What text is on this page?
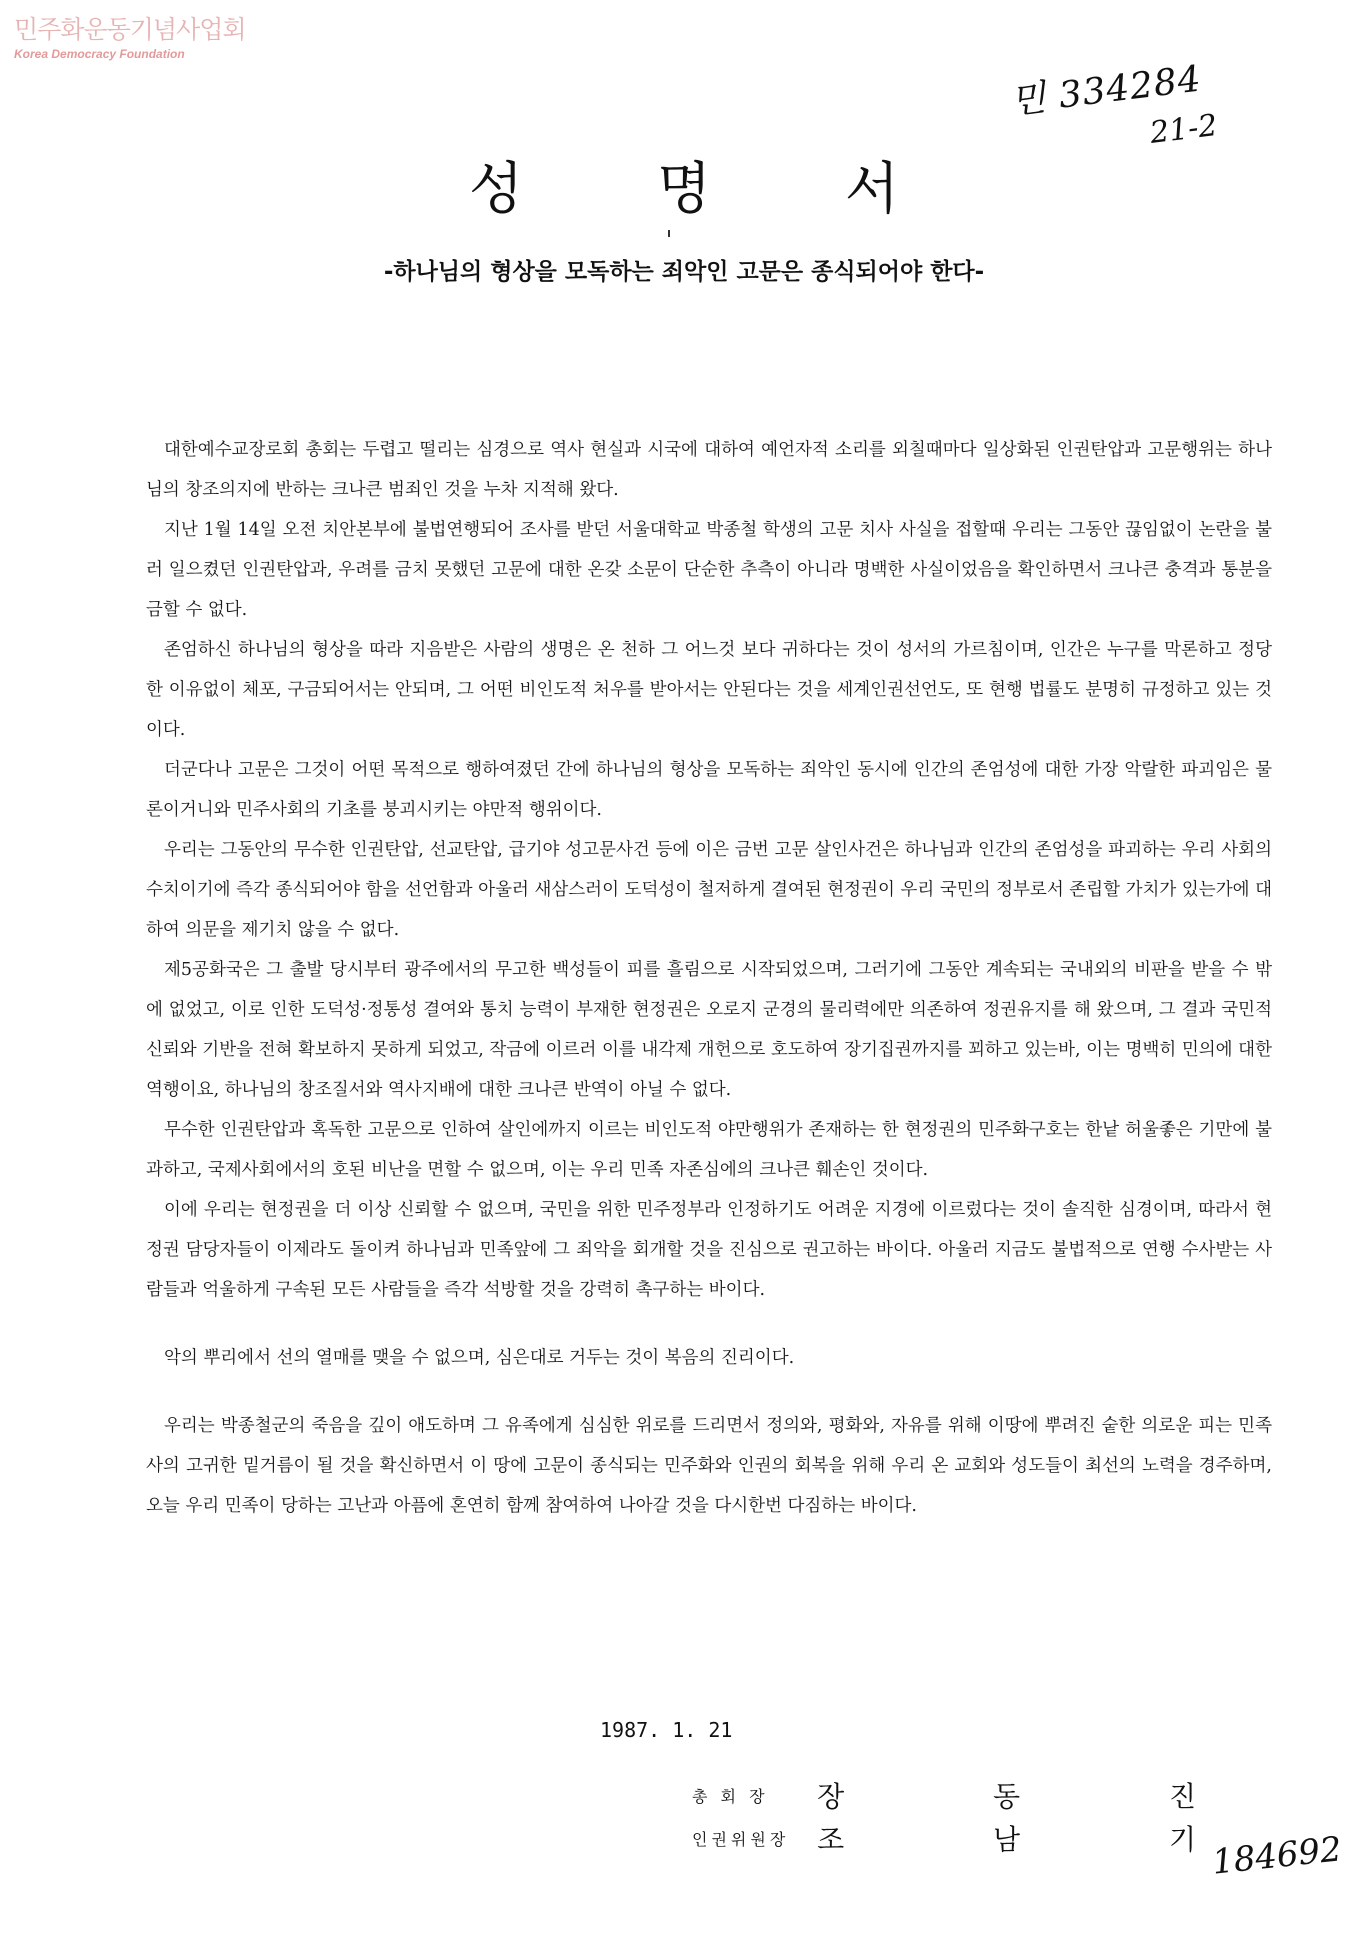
민주화운동기념사업회
Korea Democracy Foundation
민 334284
21-2
성 명 서
-하나님의 형상을 모독하는 죄악인 고문은 종식되어야 한다-

대한예수교장로회 총회는 두렵고 떨리는 심경으로 역사 현실과 시국에 대하여 예언자적 소리를 외칠때마다 일상화된 인권탄압과 고문행위는 하나님의 창조의지에 반하는 크나큰 범죄인 것을 누차 지적해 왔다.

지난 1월 14일 오전 치안본부에 불법연행되어 조사를 받던 서울대학교 박종철 학생의 고문 치사 사실을 접할때 우리는 그동안 끊임없이 논란을 불러 일으켰던 인권탄압과, 우려를 금치 못했던 고문에 대한 온갖 소문이 단순한 추측이 아니라 명백한 사실이었음을 확인하면서 크나큰 충격과 통분을 금할 수 없다.

존엄하신 하나님의 형상을 따라 지음받은 사람의 생명은 온 천하 그 어느것 보다 귀하다는 것이 성서의 가르침이며, 인간은 누구를 막론하고 정당한 이유없이 체포, 구금되어서는 안되며, 그 어떤 비인도적 처우를 받아서는 안된다는 것을 세계인권선언도, 또 현행 법률도 분명히 규정하고 있는 것이다.

더군다나 고문은 그것이 어떤 목적으로 행하여졌던 간에 하나님의 형상을 모독하는 죄악인 동시에 인간의 존엄성에 대한 가장 악랄한 파괴임은 물론이거니와 민주사회의 기초를 붕괴시키는 야만적 행위이다.

우리는 그동안의 무수한 인권탄압, 선교탄압, 급기야 성고문사건 등에 이은 금번 고문 살인사건은 하나님과 인간의 존엄성을 파괴하는 우리 사회의 수치이기에 즉각 종식되어야 함을 선언함과 아울러 새삼스러이 도덕성이 철저하게 결여된 현정권이 우리 국민의 정부로서 존립할 가치가 있는가에 대하여 의문을 제기치 않을 수 없다.

제5공화국은 그 출발 당시부터 광주에서의 무고한 백성들이 피를 흘림으로 시작되었으며, 그러기에 그동안 계속되는 국내외의 비판을 받을 수 밖에 없었고, 이로 인한 도덕성·정통성 결여와 통치 능력이 부재한 현정권은 오로지 군경의 물리력에만 의존하여 정권유지를 해 왔으며, 그 결과 국민적 신뢰와 기반을 전혀 확보하지 못하게 되었고, 작금에 이르러 이를 내각제 개헌으로 호도하여 장기집권까지를 꾀하고 있는바, 이는 명백히 민의에 대한 역행이요, 하나님의 창조질서와 역사지배에 대한 크나큰 반역이 아닐 수 없다.

무수한 인권탄압과 혹독한 고문으로 인하여 살인에까지 이르는 비인도적 야만행위가 존재하는 한 현정권의 민주화구호는 한낱 허울좋은 기만에 불과하고, 국제사회에서의 호된 비난을 면할 수 없으며, 이는 우리 민족 자존심에의 크나큰 훼손인 것이다.

이에 우리는 현정권을 더 이상 신뢰할 수 없으며, 국민을 위한 민주정부라 인정하기도 어려운 지경에 이르렀다는 것이 솔직한 심경이며, 따라서 현정권 담당자들이 이제라도 돌이켜 하나님과 민족앞에 그 죄악을 회개할 것을 진심으로 권고하는 바이다. 아울러 지금도 불법적으로 연행 수사받는 사람들과 억울하게 구속된 모든 사람들을 즉각 석방할 것을 강력히 촉구하는 바이다.

악의 뿌리에서 선의 열매를 맺을 수 없으며, 심은대로 거두는 것이 복음의 진리이다.

우리는 박종철군의 죽음을 깊이 애도하며 그 유족에게 심심한 위로를 드리면서 정의와, 평화와, 자유를 위해 이땅에 뿌려진 숱한 의로운 피는 민족사의 고귀한 밑거름이 될 것을 확신하면서 이 땅에 고문이 종식되는 민주화와 인권의 회복을 위해 우리 온 교회와 성도들이 최선의 노력을 경주하며, 오늘 우리 민족이 당하는 고난과 아픔에 혼연히 함께 참여하여 나아갈 것을 다시한번 다짐하는 바이다.

1987. 1. 21
총 회 장 장 동 진
인권위원장 조 남 기
184692
